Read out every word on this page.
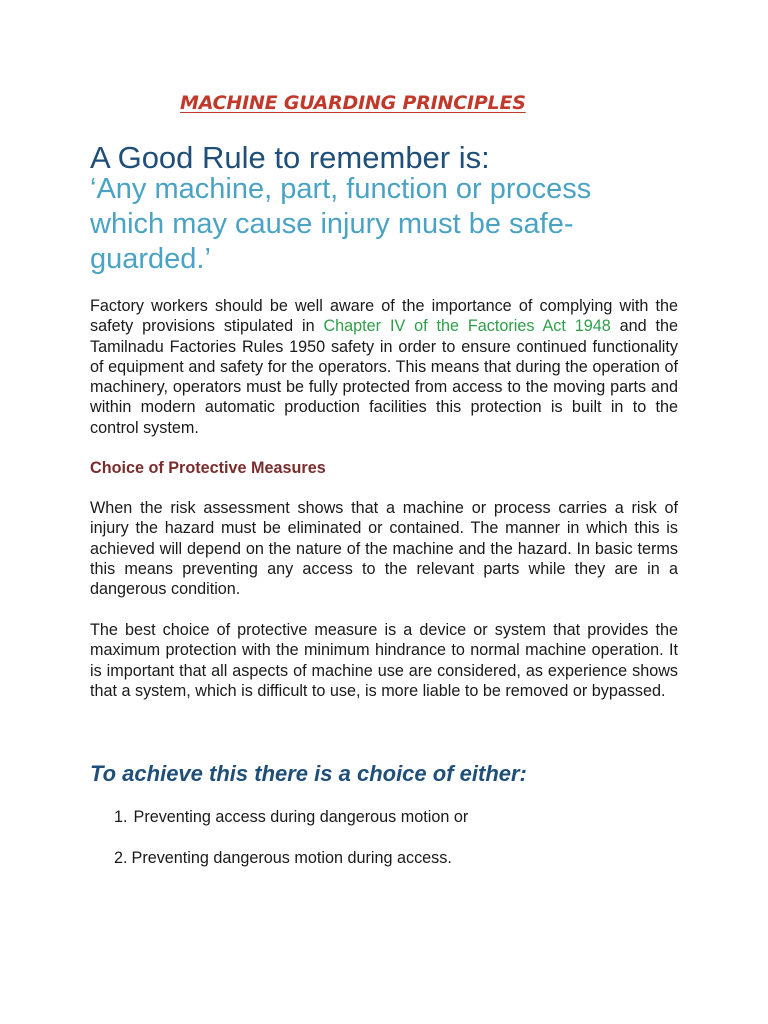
MACHINE GUARDING PRINCIPLES
A Good Rule to remember is:
‘Any machine, part, function or process which may cause injury must be safe-guarded.’

Factory workers should be well aware of the importance of complying with the safety provisions stipulated in Chapter IV of the Factories Act 1948 and the Tamilnadu Factories Rules 1950 safety in order to ensure continued functionality of equipment and safety for the operators. This means that during the operation of machinery, operators must be fully protected from access to the moving parts and within modern automatic production facilities this protection is built in to the control system.

Choice of Protective Measures

When the risk assessment shows that a machine or process carries a risk of injury the hazard must be eliminated or contained. The manner in which this is achieved will depend on the nature of the machine and the hazard. In basic terms this means preventing any access to the relevant parts while they are in a dangerous condition.

The best choice of protective measure is a device or system that provides the maximum protection with the minimum hindrance to normal machine operation. It is important that all aspects of machine use are considered, as experience shows that a system, which is difficult to use, is more liable to be removed or bypassed.

To achieve this there is a choice of either:
1. Preventing access during dangerous motion or
2. Preventing dangerous motion during access.
